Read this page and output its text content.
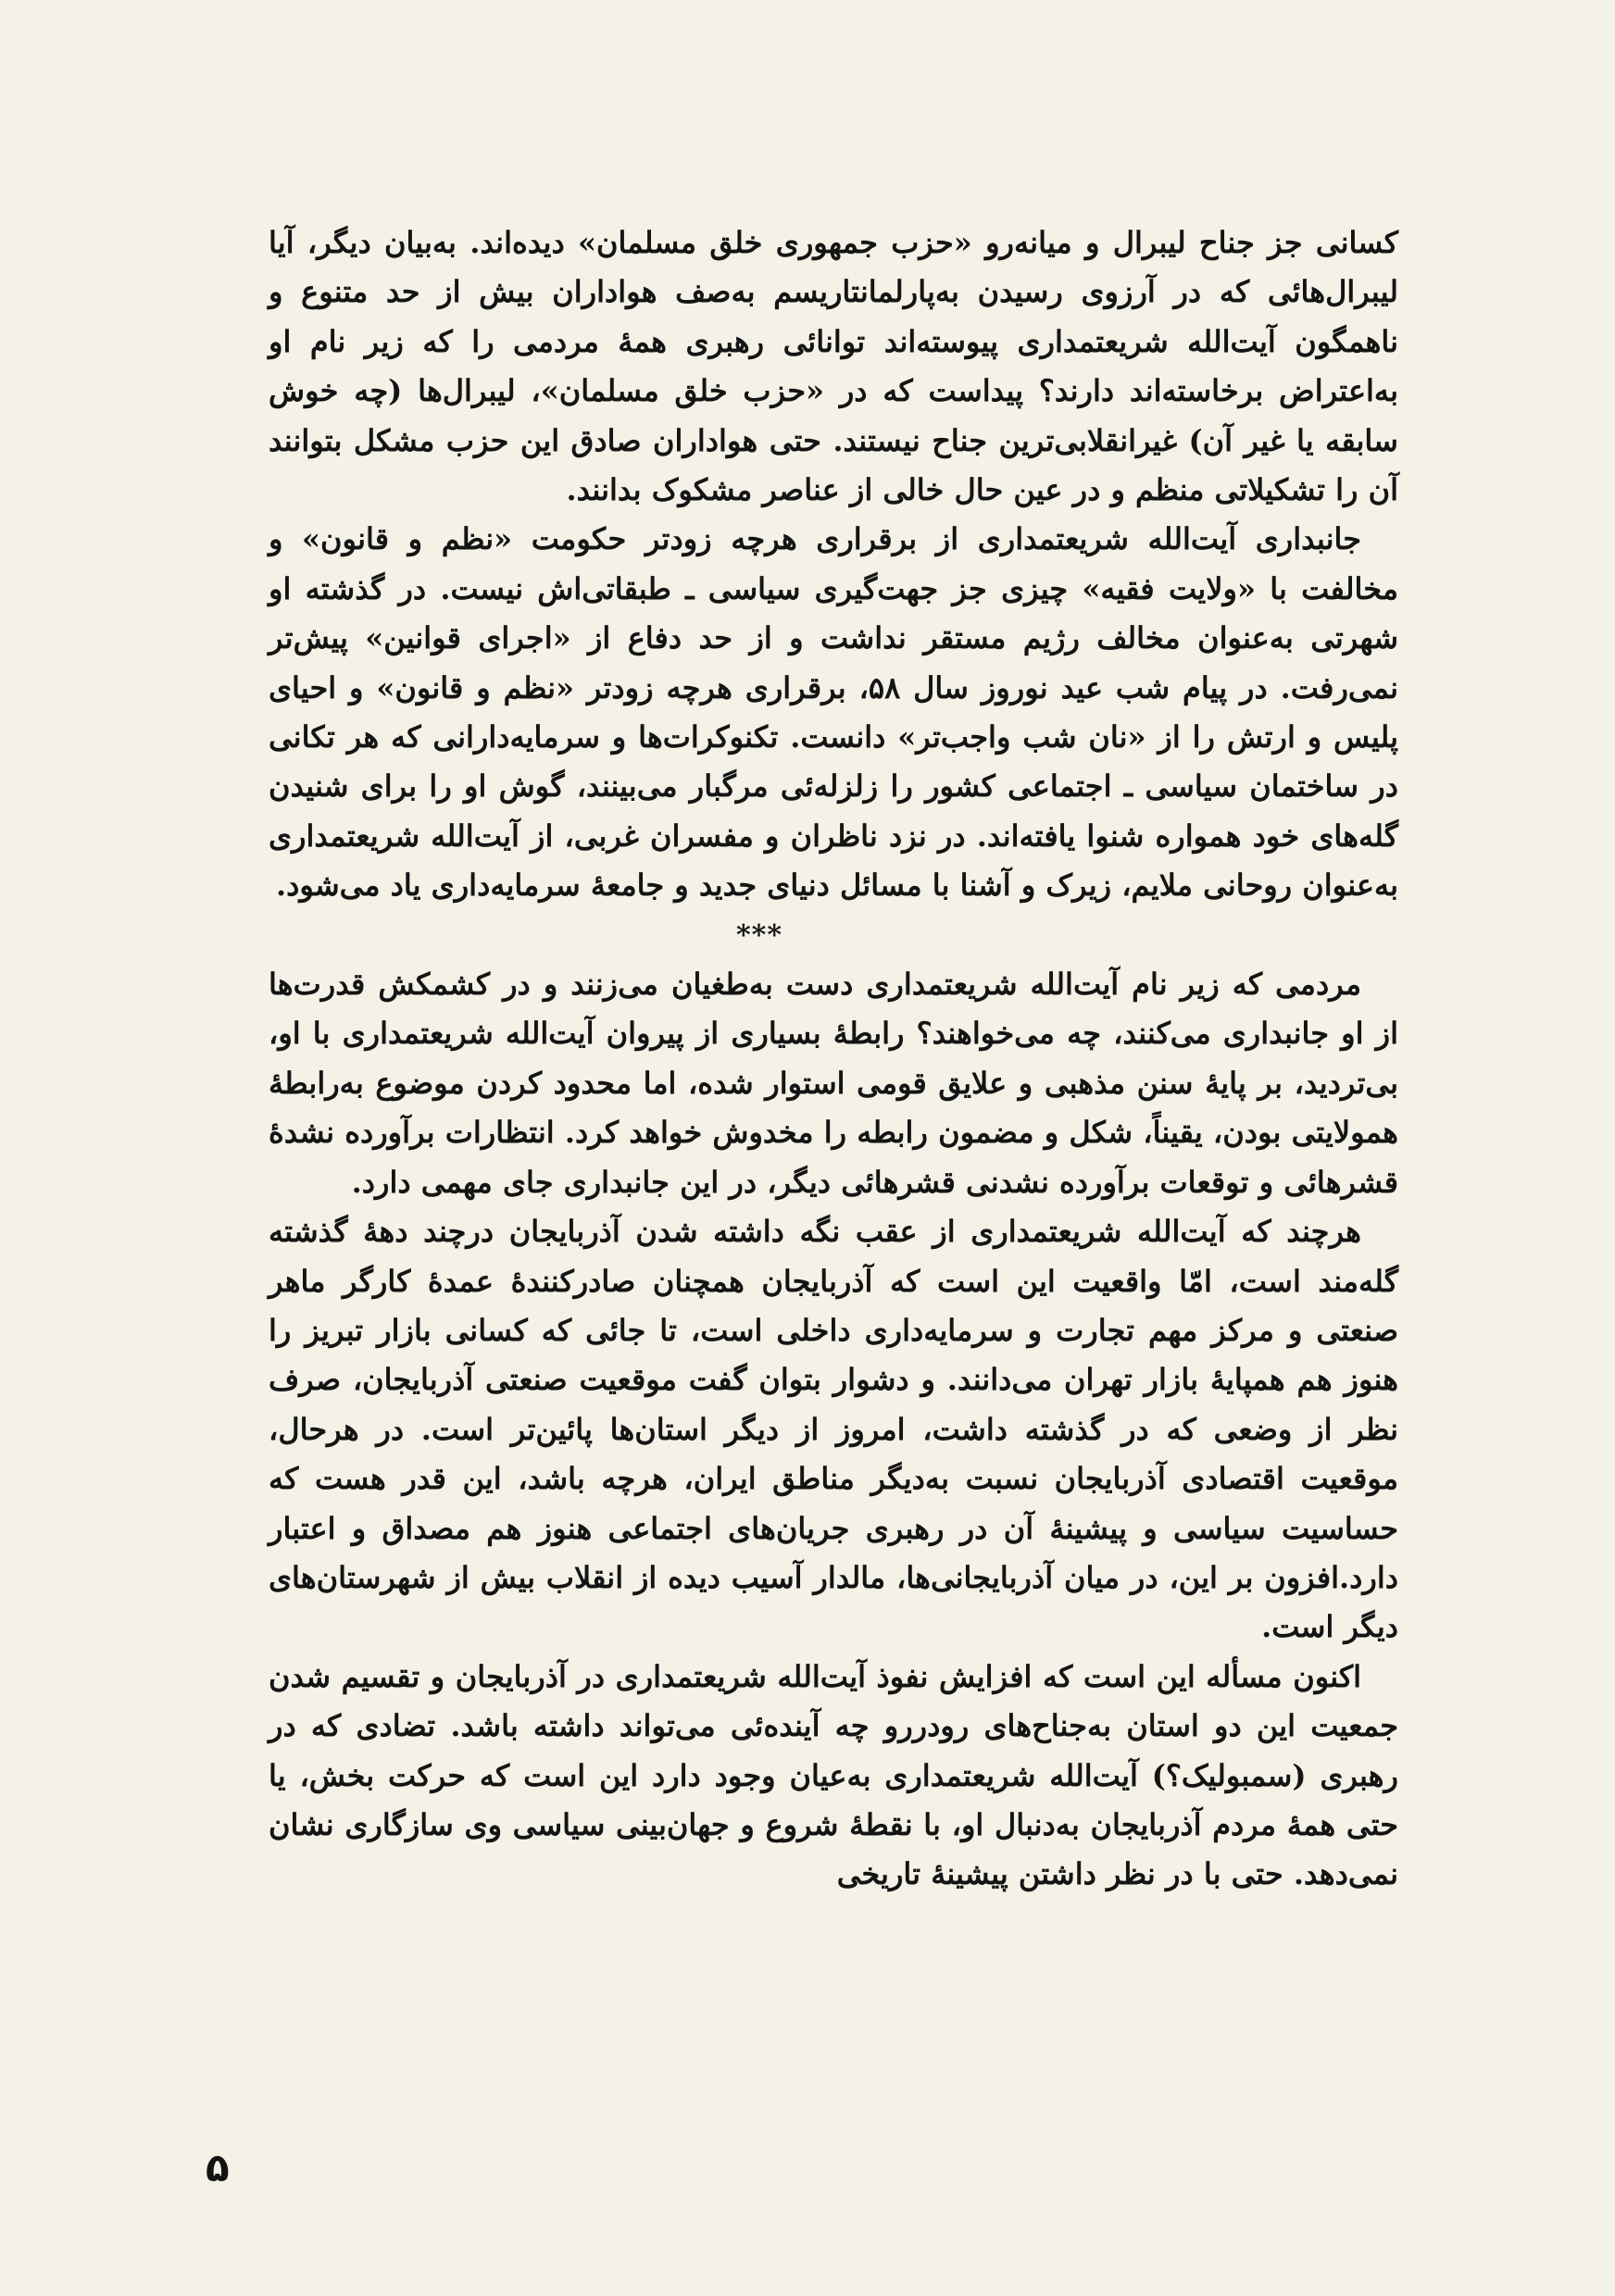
کسانی جز جناح لیبرال و میانه‌رو «حزب جمهوری خلق مسلمان» دیده‌اند. به‌بیان دیگر، آیا لیبرال‌هائی که در آرزوی رسیدن به‌پارلمانتاریسم به‌صف هواداران بیش از حد متنوع و ناهمگون آیت‌الله شریعتمداری پیوسته‌اند توانائی رهبری همهٔ مردمی را که زیر نام او به‌اعتراض برخاسته‌اند دارند؟ پیداست که در «حزب خلق مسلمان»، لیبرال‌ها (چه خوش سابقه یا غیر آن) غیرانقلابی‌ترین جناح نیستند. حتی هواداران صادق این حزب مشکل بتوانند آن را تشکیلاتی منظم و در عین حال خالی از عناصر مشکوک بدانند.

جانبداری آیت‌الله شریعتمداری از برقراری هرچه زودتر حکومت «نظم و قانون» و مخالفت با «ولایت فقیه» چیزی جز جهت‌گیری سیاسی ـ طبقاتی‌اش نیست. در گذشته او شهرتی به‌عنوان مخالف رژیم مستقر نداشت و از حد دفاع از «اجرای قوانین» پیش‌تر نمی‌رفت. در پیام شب عید نوروز سال ۵۸، برقراری هرچه زودتر «نظم و قانون» و احیای پلیس و ارتش را از «نان شب واجب‌تر» دانست. تکنوکرات‌ها و سرمایه‌دارانی که هر تکانی در ساختمان سیاسی ـ اجتماعی کشور را زلزله‌ئی مرگبار می‌بینند، گوش او را برای شنیدن گله‌های خود همواره شنوا یافته‌اند. در نزد ناظران و مفسران غربی، از آیت‌الله شریعتمداری به‌عنوان روحانی ملایم، زیرک و آشنا با مسائل دنیای جدید و جامعهٔ سرمایه‌داری یاد می‌شود.

***

مردمی که زیر نام آیت‌الله شریعتمداری دست به‌طغیان می‌زنند و در کشمکش قدرت‌ها از او جانبداری می‌کنند، چه می‌خواهند؟ رابطهٔ بسیاری از پیروان آیت‌الله شریعتمداری با او، بی‌تردید، بر پایهٔ سنن مذهبی و علایق قومی استوار شده، اما محدود کردن موضوع به‌رابطهٔ همولایتی بودن، یقیناً، شکل و مضمون رابطه را مخدوش خواهد کرد. انتظارات برآورده نشدهٔ قشرهائی و توقعات برآورده نشدنی قشرهائی دیگر، در این جانبداری جای مهمی دارد.

هرچند که آیت‌الله شریعتمداری از عقب نگه داشته شدن آذربایجان درچند دههٔ گذشته گله‌مند است، امّا واقعیت این است که آذربایجان همچنان صادرکنندهٔ عمدهٔ کارگر ماهر صنعتی و مرکز مهم تجارت و سرمایه‌داری داخلی است، تا جائی که کسانی بازار تبریز را هنوز هم همپایهٔ بازار تهران می‌دانند. و دشوار بتوان گفت موقعیت صنعتی آذربایجان، صرف نظر از وضعی که در گذشته داشت، امروز از دیگر استان‌ها پائین‌تر است. در هرحال، موقعیت اقتصادی آذربایجان نسبت به‌دیگر مناطق ایران، هرچه باشد، این قدر هست که حساسیت سیاسی و پیشینهٔ آن در رهبری جریان‌های اجتماعی هنوز هم مصداق و اعتبار دارد.افزون بر این، در میان آذربایجانی‌ها، مالدار آسیب دیده از انقلاب بیش از شهرستان‌های دیگر است.

اکنون مسأله این است که افزایش نفوذ آیت‌الله شریعتمداری در آذربایجان و تقسیم شدن جمعیت این دو استان به‌جناح‌های رودررو چه آینده‌ئی می‌تواند داشته باشد. تضادی که در رهبری (سمبولیک؟) آیت‌الله شریعتمداری به‌عیان وجود دارد این است که حرکت بخش، یا حتی همهٔ مردم آذربایجان به‌دنبال او، با نقطهٔ شروع و جهان‌بینی سیاسی وی سازگاری نشان نمی‌دهد. حتی با در نظر داشتن پیشینهٔ تاریخی

۵
